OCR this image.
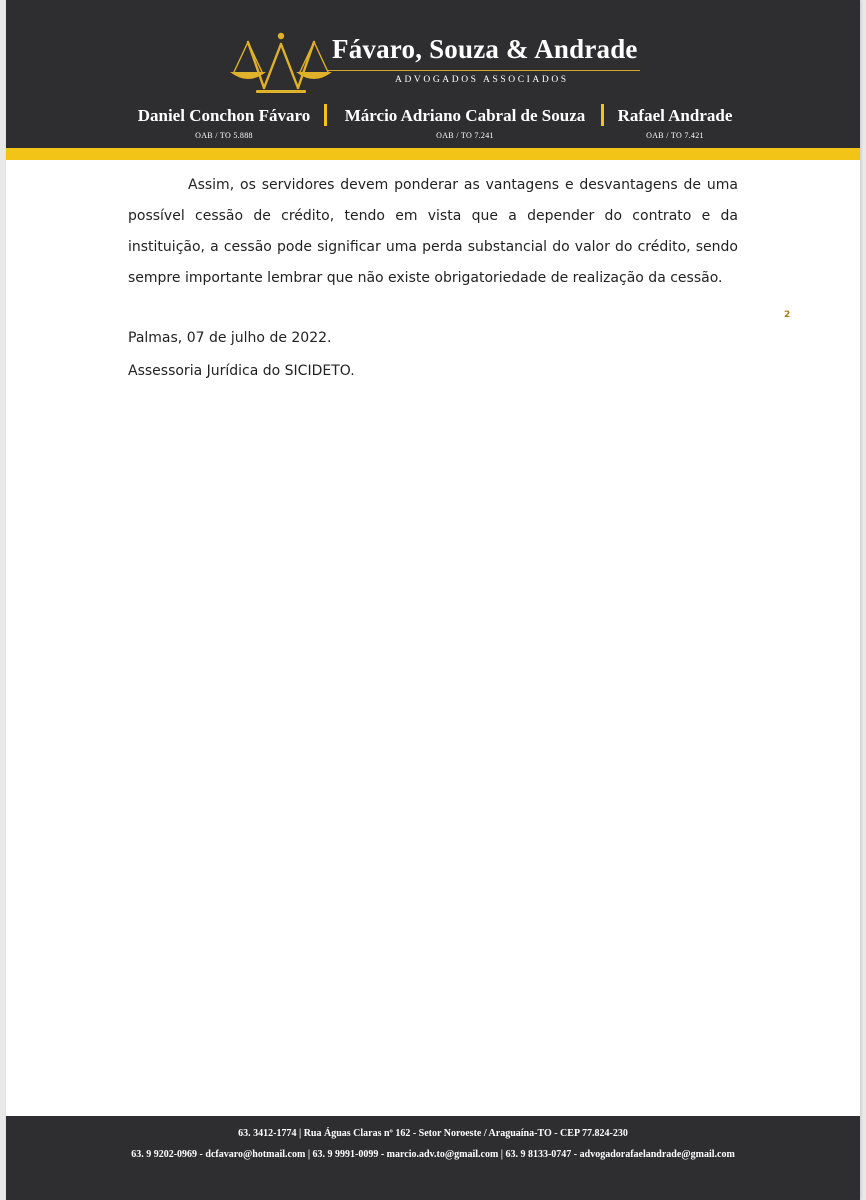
Fávaro, Souza & Andrade
ADVOGADOS ASSOCIADOS
Daniel Conchon Fávaro
OAB / TO 5.888
Márcio Adriano Cabral de Souza
OAB / TO 7.241
Rafael Andrade
OAB / TO 7.421

Assim, os servidores devem ponderar as vantagens e desvantagens de uma possível cessão de crédito, tendo em vista que a depender do contrato e da instituição, a cessão pode significar uma perda substancial do valor do crédito, sendo sempre importante lembrar que não existe obrigatoriedade de realização da cessão.

Palmas, 07 de julho de 2022.

Assessoria Jurídica do SICIDETO.

2
63. 3412-1774 | Rua Águas Claras nº 162 - Setor Noroeste / Araguaína-TO - CEP 77.824-230
63. 9 9202-0969 - dcfavaro@hotmail.com | 63. 9 9991-0099 - marcio.adv.to@gmail.com | 63. 9 8133-0747 - advogadorafaelandrade@gmail.com
